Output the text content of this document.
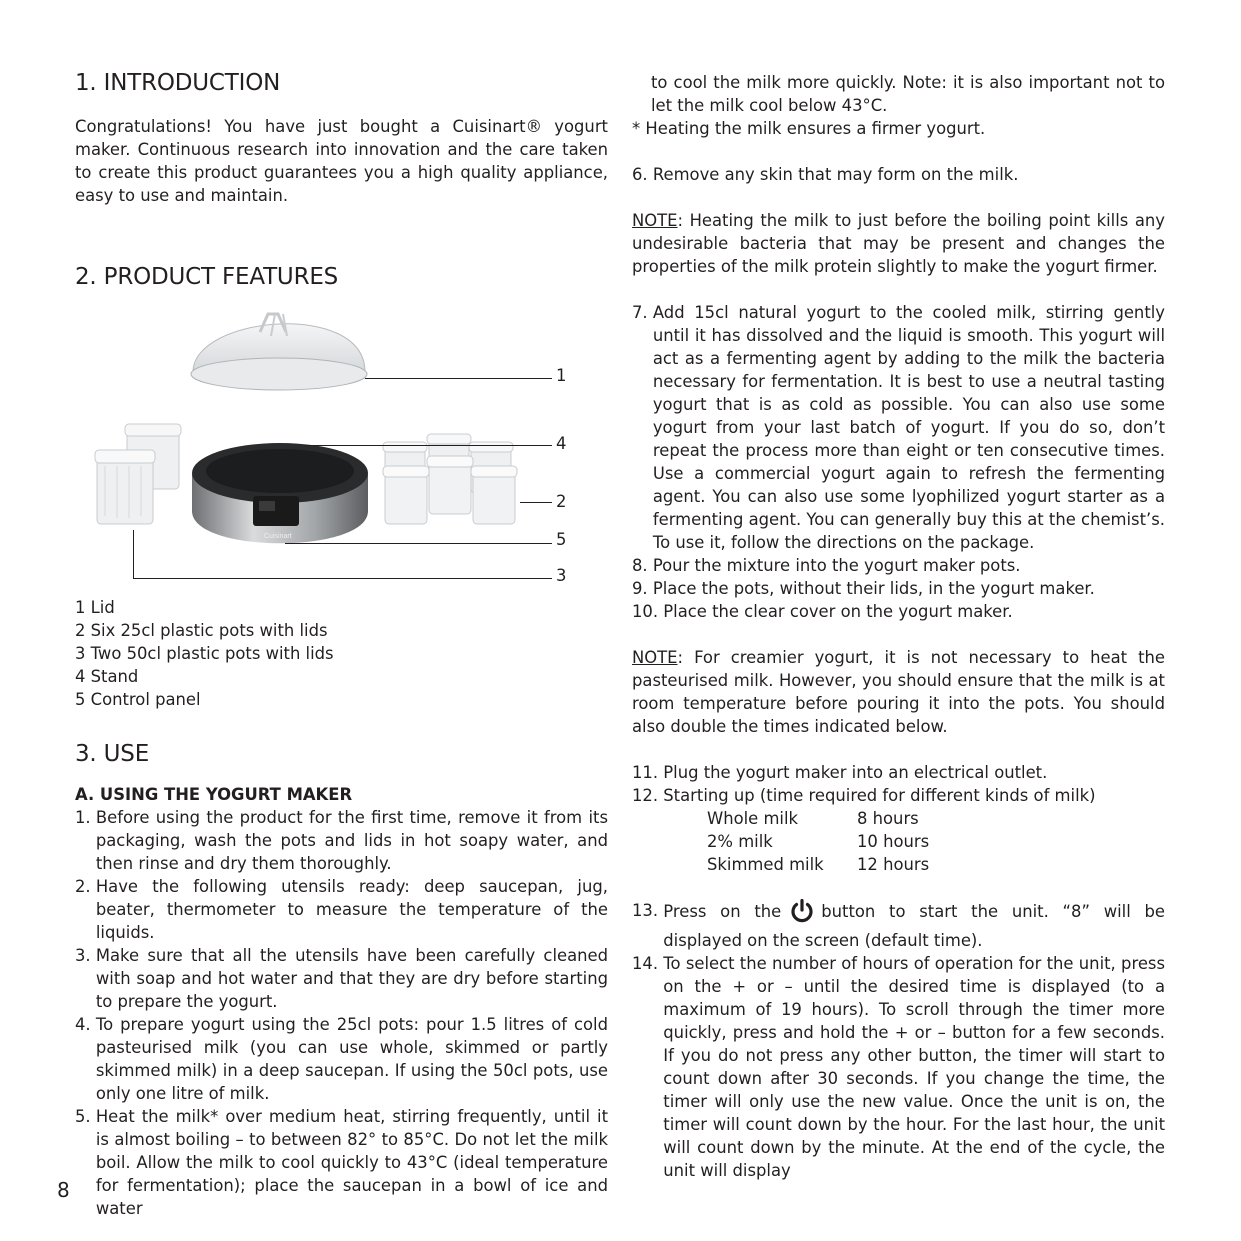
1. INTRODUCTION

Congratulations! You have just bought a Cuisinart® yogurt maker. Continuous research into innovation and the care taken to create this product guarantees you a high quality appliance, easy to use and maintain.

2. PRODUCT FEATURES
Cuisinart
1
4
2
5
3

1 Lid

2 Six 25cl plastic pots with lids

3 Two 50cl plastic pots with lids

4 Stand

5 Control panel

3. USE

A. USING THE YOGURT MAKER

1. Before using the product for the first time, remove it from its packaging, wash the pots and lids in hot soapy water, and then rinse and dry them thoroughly.
2. Have the following utensils ready: deep saucepan, jug, beater, thermometer to measure the temperature of the liquids.
3. Make sure that all the utensils have been carefully cleaned with soap and hot water and that they are dry before starting to prepare the yogurt.
4. To prepare yogurt using the 25cl pots: pour 1.5 litres of cold pasteurised milk (you can use whole, skimmed or partly skimmed milk) in a deep saucepan. If using the 50cl pots, use only one litre of milk.
5. Heat the milk* over medium heat, stirring frequently, until it is almost boiling – to between 82° to 85°C. Do not let the milk boil. Allow the milk to cool quickly to 43°C (ideal temperature for fermentation); place the saucepan in a bowl of ice and water

to cool the milk more quickly. Note: it is also important not to let the milk cool below 43°C.

* Heating the milk ensures a firmer yogurt.

6. Remove any skin that may form on the milk.

NOTE: Heating the milk to just before the boiling point kills any undesirable bacteria that may be present and changes the properties of the milk protein slightly to make the yogurt firmer.

7. Add 15cl natural yogurt to the cooled milk, stirring gently until it has dissolved and the liquid is smooth. This yogurt will act as a fermenting agent by adding to the milk the bacteria necessary for fermentation. It is best to use a neutral tasting yogurt that is as cold as possible. You can also use some yogurt from your last batch of yogurt. If you do so, don’t repeat the process more than eight or ten consecutive times. Use a commercial yogurt again to refresh the fermenting agent. You can also use some lyophilized yogurt starter as a fermenting agent. You can generally buy this at the chemist’s. To use it, follow the directions on the package.
8. Pour the mixture into the yogurt maker pots.
9. Place the pots, without their lids, in the yogurt maker.
10. Place the clear cover on the yogurt maker.

NOTE: For creamier yogurt, it is not necessary to heat the pasteurised milk. However, you should ensure that the milk is at room temperature before pouring it into the pots. You should also double the times indicated below.

11. Plug the yogurt maker into an electrical outlet.

12. Starting up (time required for different kinds of milk)

Whole milk	8 hours
2% milk	10 hours
Skimmed milk	12 hours
13. Press on the button to start the unit. “8” will be displayed on the screen (default time).
14. To select the number of hours of operation for the unit, press on the + or – until the desired time is displayed (to a maximum of 19 hours). To scroll through the timer more quickly, press and hold the + or – button for a few seconds. If you do not press any other button, the timer will start to count down after 30 seconds. If you change the time, the timer will only use the new value. Once the unit is on, the timer will count down by the hour. For the last hour, the unit will count down by the minute. At the end of the cycle, the unit will display
8
